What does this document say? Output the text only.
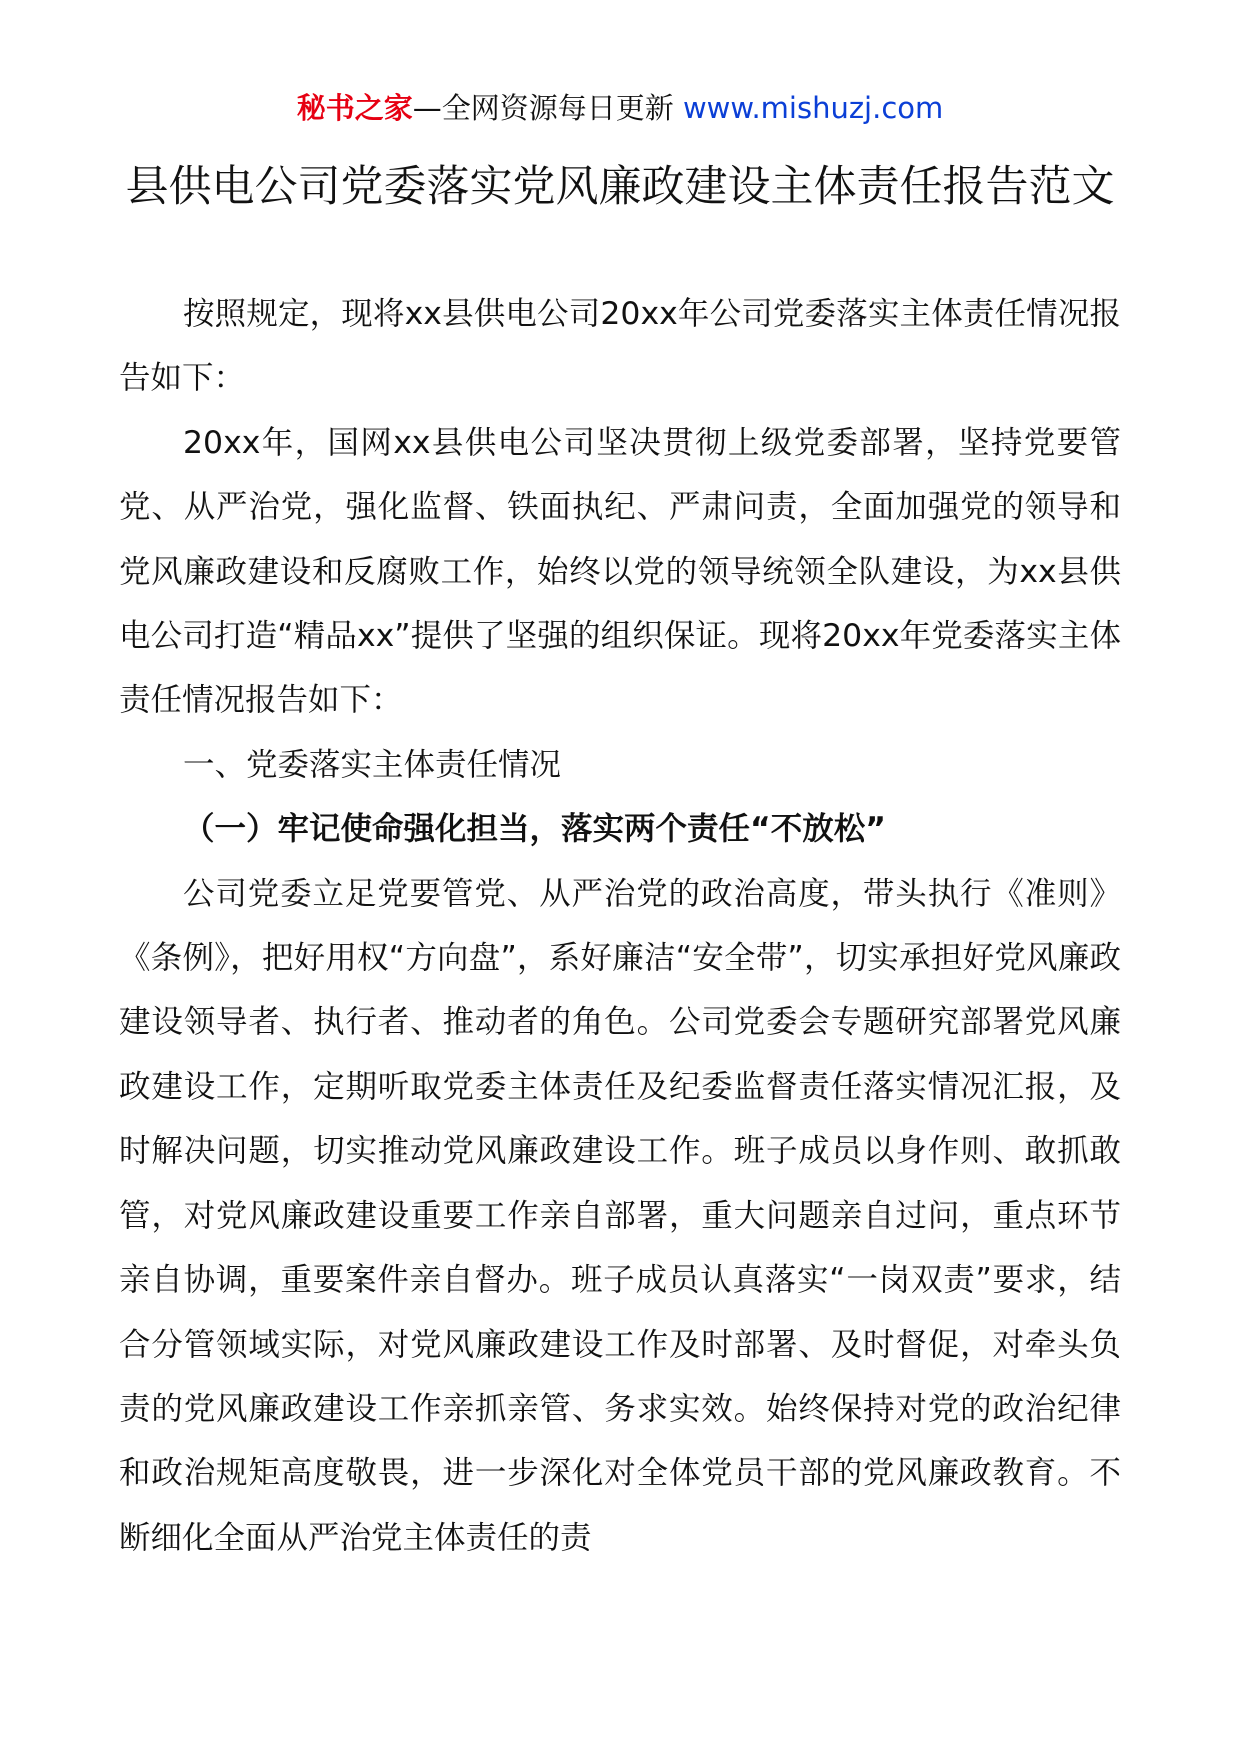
秘书之家—全网资源每日更新 www.mishuzj.com
县供电公司党委落实党风廉政建设主体责任报告范文

按照规定，现将xx县供电公司20xx年公司党委落实主体责任情况报告如下：

20xx年，国网xx县供电公司坚决贯彻上级党委部署，坚持党要管党、从严治党，强化监督、铁面执纪、严肃问责，全面加强党的领导和党风廉政建设和反腐败工作，始终以党的领导统领全队建设，为xx县供电公司打造“精品xx”提供了坚强的组织保证。现将20xx年党委落实主体责任情况报告如下：

一、党委落实主体责任情况

（一）牢记使命强化担当，落实两个责任“不放松”

公司党委立足党要管党、从严治党的政治高度，带头执行《准则》《条例》，把好用权“方向盘”，系好廉洁“安全带”，切实承担好党风廉政建设领导者、执行者、推动者的角色。公司党委会专题研究部署党风廉政建设工作，定期听取党委主体责任及纪委监督责任落实情况汇报，及时解决问题，切实推动党风廉政建设工作。班子成员以身作则、敢抓敢管，对党风廉政建设重要工作亲自部署，重大问题亲自过问，重点环节亲自协调，重要案件亲自督办。班子成员认真落实“一岗双责”要求，结合分管领域实际，对党风廉政建设工作及时部署、及时督促，对牵头负责的党风廉政建设工作亲抓亲管、务求实效。始终保持对党的政治纪律和政治规矩高度敬畏，进一步深化对全体党员干部的党风廉政教育。不断细化全面从严治党主体责任的责
